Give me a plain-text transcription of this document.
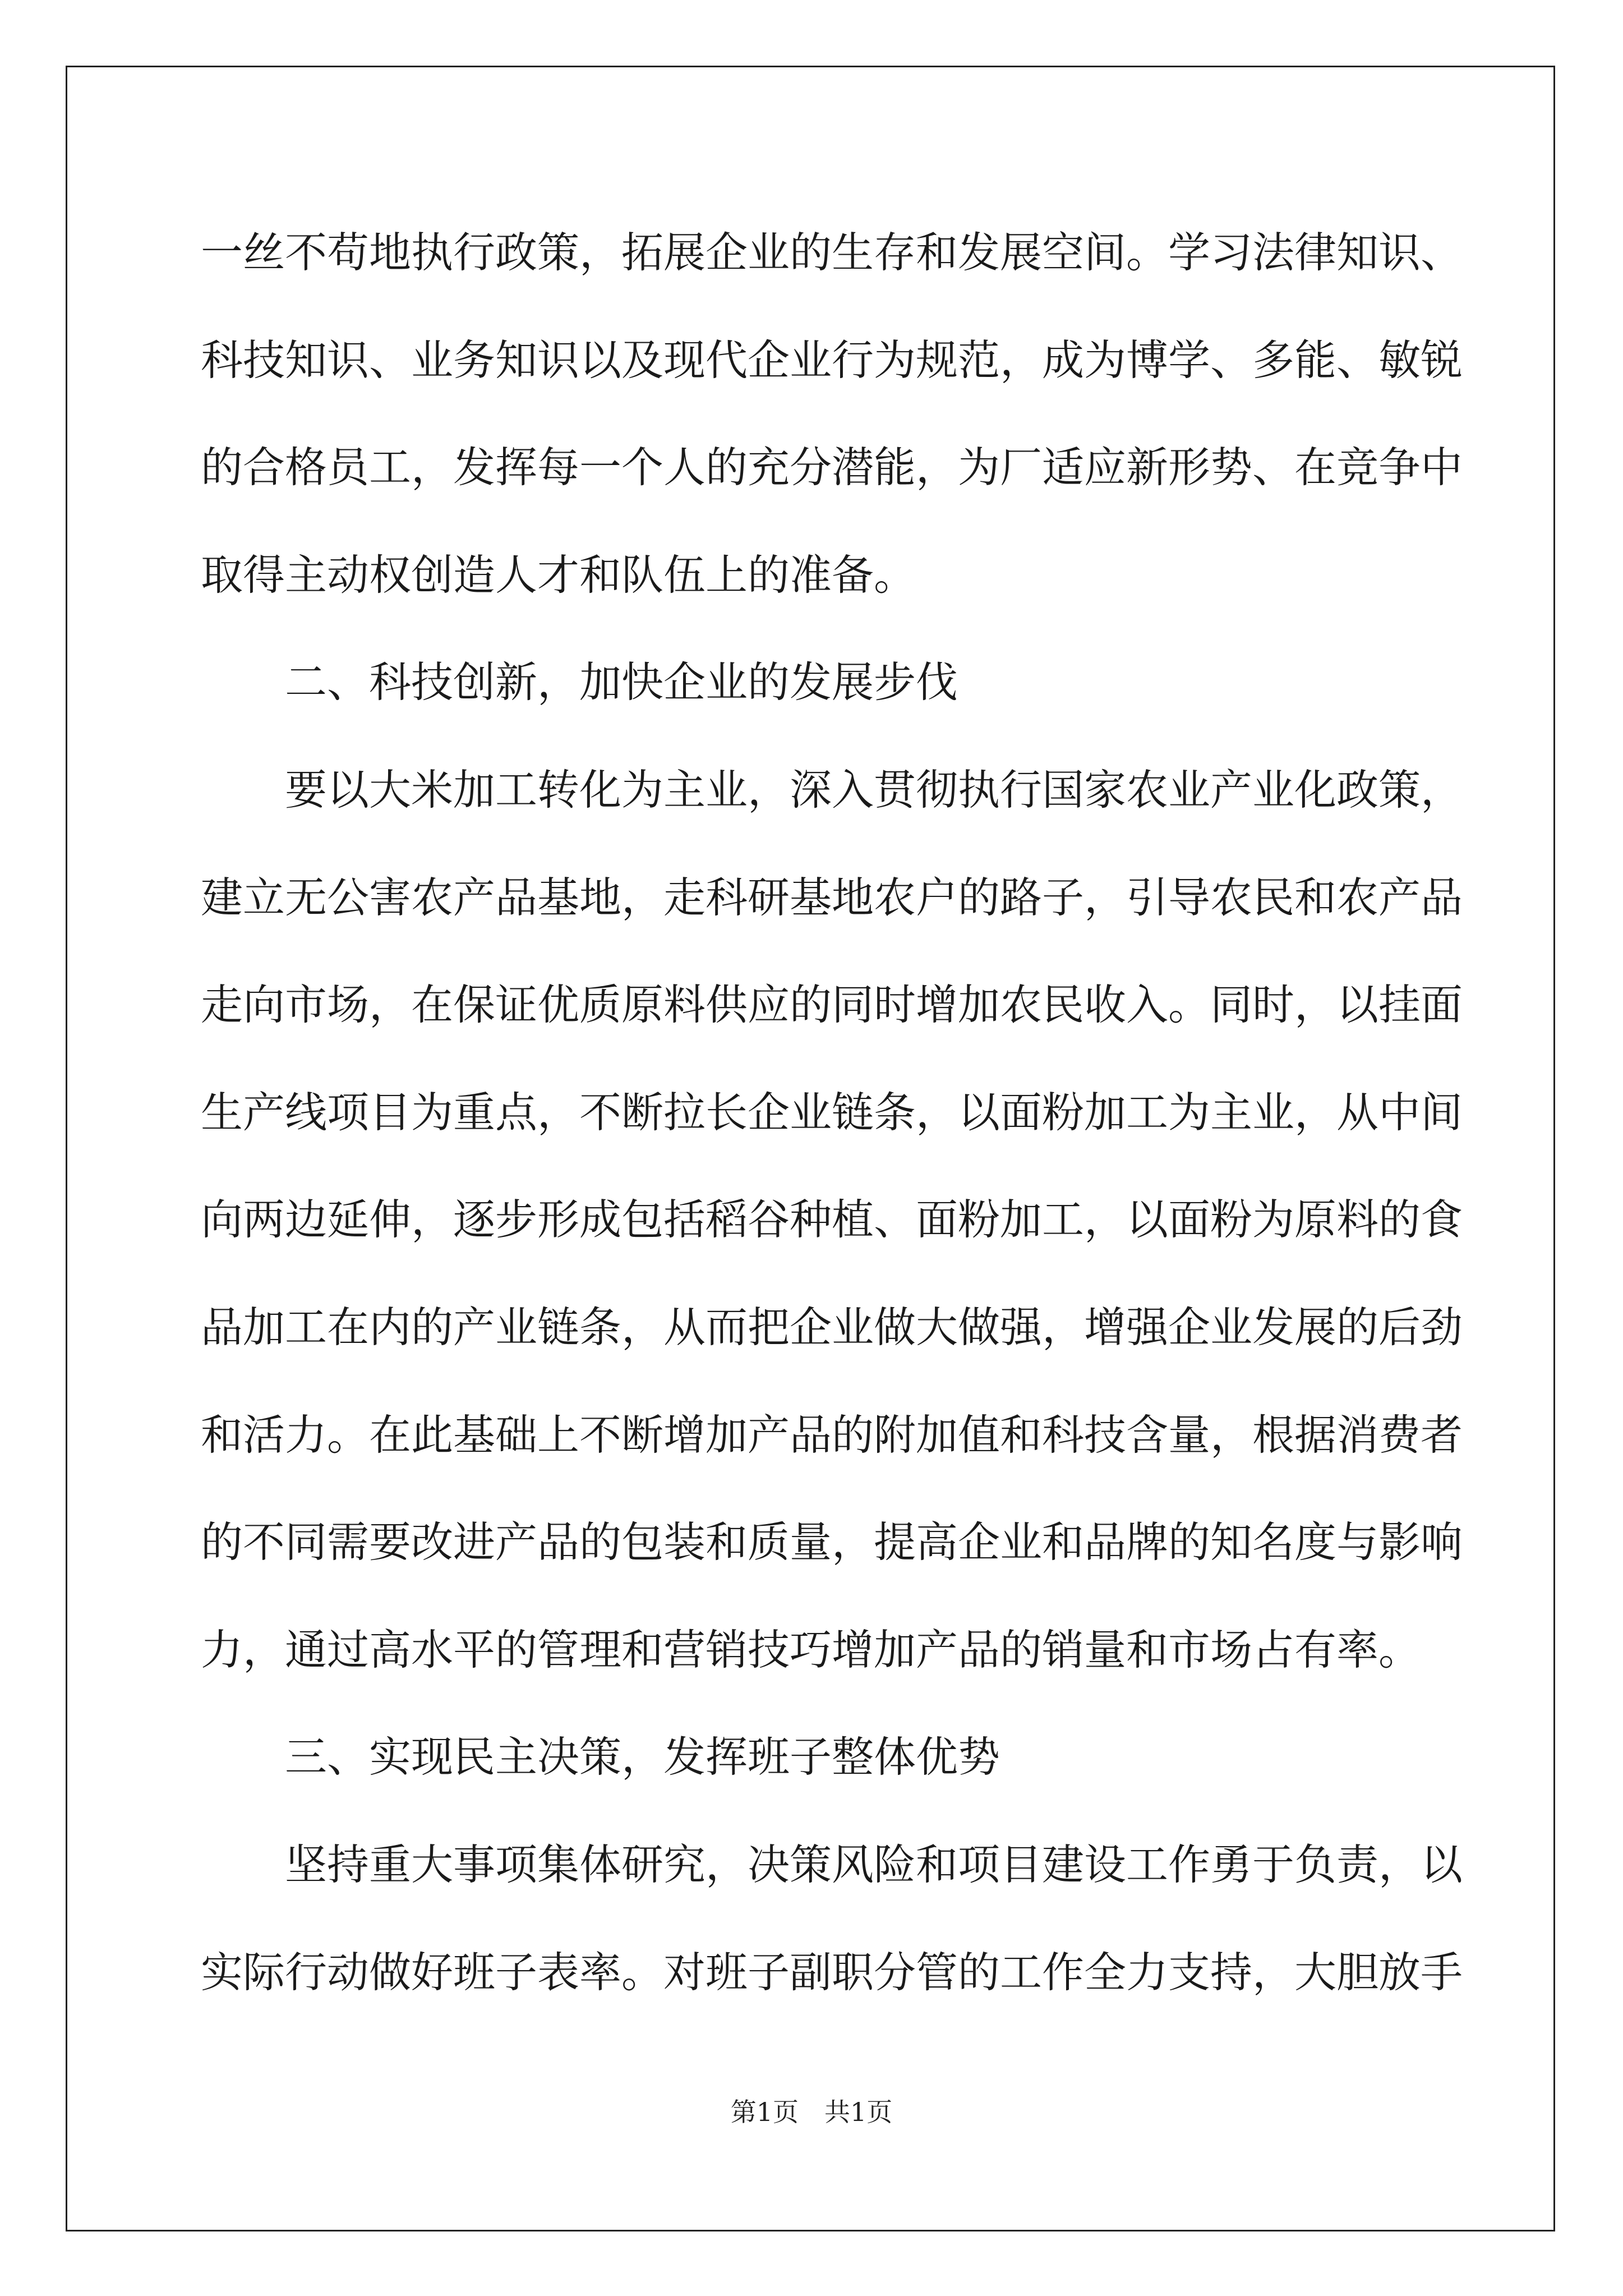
一丝不苟地执行政策，拓展企业的生存和发展空间。学习法律知识、
科技知识、业务知识以及现代企业行为规范，成为博学、多能、敏锐
的合格员工，发挥每一个人的充分潜能，为厂适应新形势、在竞争中
取得主动权创造人才和队伍上的准备。
二、科技创新，加快企业的发展步伐
要以大米加工转化为主业，深入贯彻执行国家农业产业化政策，
建立无公害农产品基地，走科研基地农户的路子，引导农民和农产品
走向市场，在保证优质原料供应的同时增加农民收入。同时，以挂面
生产线项目为重点，不断拉长企业链条，以面粉加工为主业，从中间
向两边延伸，逐步形成包括稻谷种植、面粉加工，以面粉为原料的食
品加工在内的产业链条，从而把企业做大做强，增强企业发展的后劲
和活力。在此基础上不断增加产品的附加值和科技含量，根据消费者
的不同需要改进产品的包装和质量，提高企业和品牌的知名度与影响
力，通过高水平的管理和营销技巧增加产品的销量和市场占有率。
三、实现民主决策，发挥班子整体优势
坚持重大事项集体研究，决策风险和项目建设工作勇于负责，以
实际行动做好班子表率。对班子副职分管的工作全力支持，大胆放手
第1页　共1页
